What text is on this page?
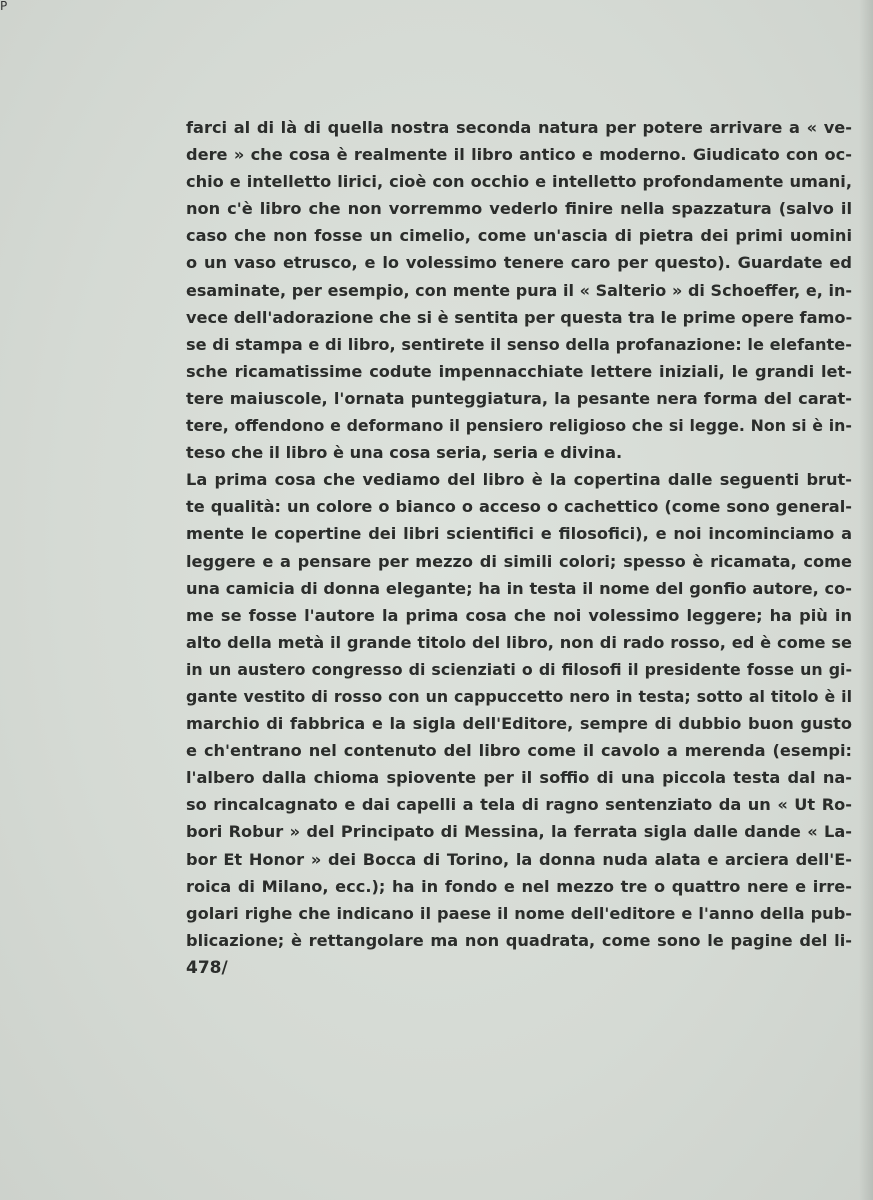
P
farci al di là di quella nostra seconda natura per potere arrivare a « ve-
dere » che cosa è realmente il libro antico e moderno. Giudicato con oc-
chio e intelletto lirici, cioè con occhio e intelletto profondamente umani,
non c'è libro che non vorremmo vederlo finire nella spazzatura (salvo il
caso che non fosse un cimelio, come un'ascia di pietra dei primi uomini
o un vaso etrusco, e lo volessimo tenere caro per questo). Guardate ed
esaminate, per esempio, con mente pura il « Salterio » di Schoeffer, e, in-
vece dell'adorazione che si è sentita per questa tra le prime opere famo-
se di stampa e di libro, sentirete il senso della profanazione: le elefante-
sche ricamatissime codute impennacchiate lettere iniziali, le grandi let-
tere maiuscole, l'ornata punteggiatura, la pesante nera forma del carat-
tere, offendono e deformano il pensiero religioso che si legge. Non si è in-
teso che il libro è una cosa seria, seria e divina.
La prima cosa che vediamo del libro è la copertina dalle seguenti brut-
te qualità: un colore o bianco o acceso o cachettico (come sono general-
mente le copertine dei libri scientifici e filosofici), e noi incominciamo a
leggere e a pensare per mezzo di simili colori; spesso è ricamata, come
una camicia di donna elegante; ha in testa il nome del gonfio autore, co-
me se fosse l'autore la prima cosa che noi volessimo leggere; ha più in
alto della metà il grande titolo del libro, non di rado rosso, ed è come se
in un austero congresso di scienziati o di filosofi il presidente fosse un gi-
gante vestito di rosso con un cappuccetto nero in testa; sotto al titolo è il
marchio di fabbrica e la sigla dell'Editore, sempre di dubbio buon gusto
e ch'entrano nel contenuto del libro come il cavolo a merenda (esempi:
l'albero dalla chioma spiovente per il soffio di una piccola testa dal na-
so rincalcagnato e dai capelli a tela di ragno sentenziato da un « Ut Ro-
bori Robur » del Principato di Messina, la ferrata sigla dalle dande « La-
bor Et Honor » dei Bocca di Torino, la donna nuda alata e arciera dell'E-
roica di Milano, ecc.); ha in fondo e nel mezzo tre o quattro nere e irre-
golari righe che indicano il paese il nome dell'editore e l'anno della pub-
blicazione; è rettangolare ma non quadrata, come sono le pagine del li-
478/
